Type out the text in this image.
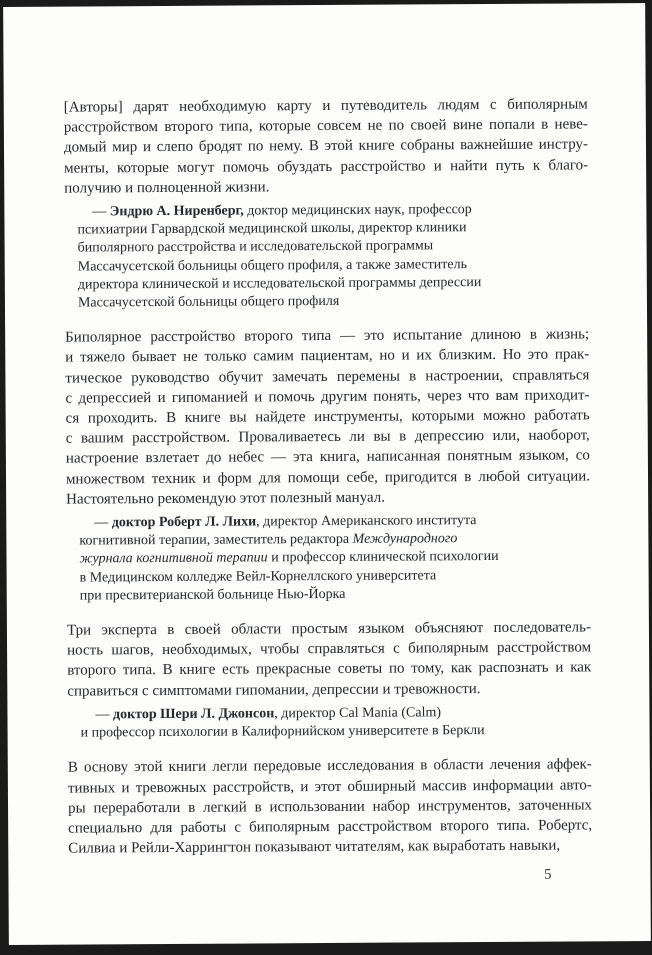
[Авторы] дарят необходимую карту и путеводитель людям с биполярным
расстройством второго типа, которые совсем не по своей вине попали в неве-
домый мир и слепо бродят по нему. В этой книге собраны важнейшие инстру-
менты, которые могут помочь обуздать расстройство и найти путь к благо-
получию и полноценной жизни.
— Эндрю А. Ниренберг, доктор медицинских наук, профессор
психиатрии Гарвардской медицинской школы, директор клиники
биполярного расстройства и исследовательской программы
Массачусетской больницы общего профиля, а также заместитель
директора клинической и исследовательской программы депрессии
Массачусетской больницы общего профиля
Биполярное расстройство второго типа — это испытание длиною в жизнь;
и тяжело бывает не только самим пациентам, но и их близким. Но это прак-
тическое руководство обучит замечать перемены в настроении, справляться
с депрессией и гипоманией и помочь другим понять, через что вам приходит-
ся проходить. В книге вы найдете инструменты, которыми можно работать
с вашим расстройством. Проваливаетесь ли вы в депрессию или, наоборот,
настроение взлетает до небес — эта книга, написанная понятным языком, со
множеством техник и форм для помощи себе, пригодится в любой ситуации.
Настоятельно рекомендую этот полезный мануал.
— доктор Роберт Л. Лихи, директор Американского института
когнитивной терапии, заместитель редактора Международного
журнала когнитивной терапии и профессор клинической психологии
в Медицинском колледже Вейл-Корнеллского университета
при пресвитерианской больнице Нью-Йорка
Три эксперта в своей области простым языком объясняют последователь-
ность шагов, необходимых, чтобы справляться с биполярным расстройством
второго типа. В книге есть прекрасные советы по тому, как распознать и как
справиться с симптомами гипомании, депрессии и тревожности.
— доктор Шери Л. Джонсон, директор Cal Mania (Calm)
и профессор психологии в Калифорнийском университете в Беркли
В основу этой книги легли передовые исследования в области лечения аффек-
тивных и тревожных расстройств, и этот обширный массив информации авто-
ры переработали в легкий в использовании набор инструментов, заточенных
специально для работы с биполярным расстройством второго типа. Робертс,
Силвиа и Рейли-Харрингтон показывают читателям, как выработать навыки,
5
